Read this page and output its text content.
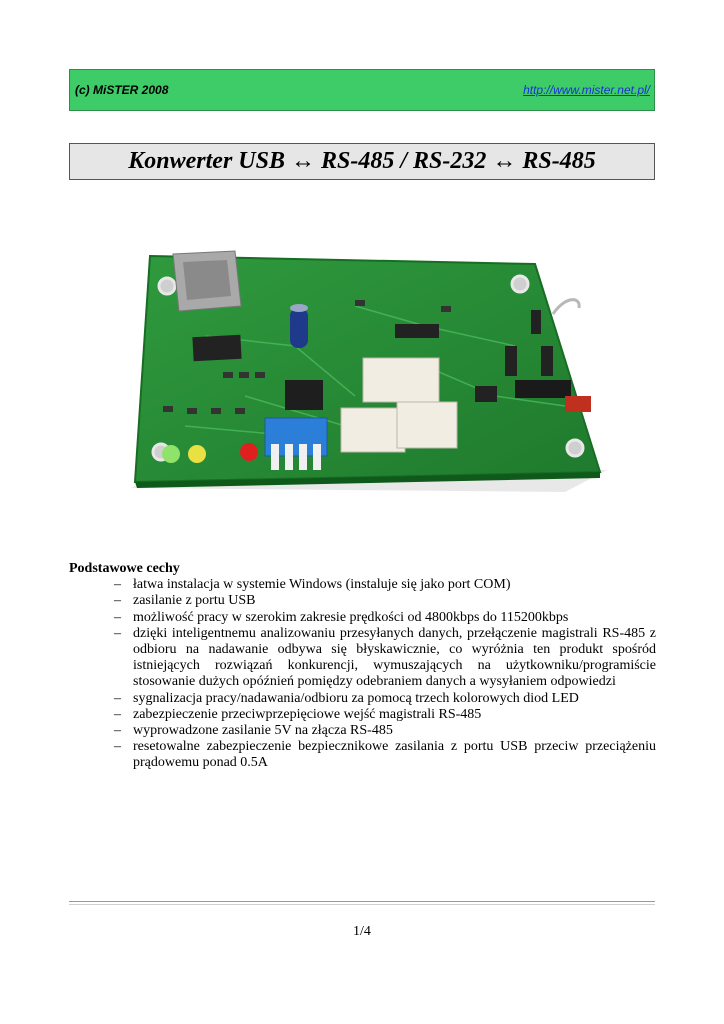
(c) MiSTER 2008	http://www.mister.net.pl/
Konwerter USB ↔ RS-485 / RS-232 ↔ RS-485
Podstawowe cechy
– łatwa instalacja w systemie Windows (instaluje się jako port COM)
– zasilanie z portu USB
– możliwość pracy w szerokim zakresie prędkości od 4800kbps do 115200kbps
– dzięki inteligentnemu analizowaniu przesyłanych danych, przełączenie magistrali RS-485 z odbioru na nadawanie odbywa się błyskawicznie, co wyróżnia ten produkt spośród istniejących rozwiązań konkurencji, wymuszających na użytkowniku/programiście stosowanie dużych opóźnień pomiędzy odebraniem danych a wysyłaniem odpowiedzi
– sygnalizacja pracy/nadawania/odbioru za pomocą trzech kolorowych diod LED
– zabezpieczenie przeciwprzepięciowe wejść magistrali RS-485
– wyprowadzone zasilanie 5V na złącza RS-485
– resetowalne zabezpieczenie bezpiecznikowe zasilania z portu USB przeciw przeciążeniu prądowemu ponad 0.5A
1/4
